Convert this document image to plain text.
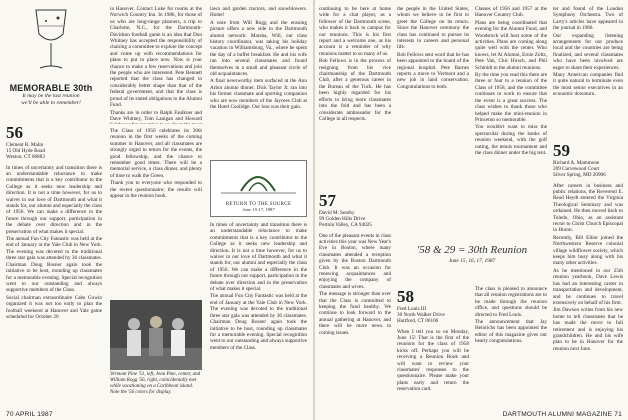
MEMORABLE 30th
It may be the last reunion
we'll be able to remember!

in Hanover. Contact Luke for rooms at the Norwich Country Inn. In 1986, for those of us who are long-range planners, a trip to Charlotte, N.C., for the Dartmouth-Davidson football game is an idea that Don Whitney has accepted the responsibility of chairing a committee to explore the concept and come up with recommendations for plans to put in place now. Now is your chance to make a few reservations and join the people who are interested. Pete Bennett reported that the class has changed in considerably better shape than that of the federal government, and that the class is proud of its stated obligations to the Alumni Fund.

Thanks are in order to Ralph Faulkner and Dave Whitney, Tom Lanigan and Howard

56
Clement R. Malin
15 Old Hyde Road
Weston, CT 06883

In times of uncertainty and transition there is an understandable reluctance to make commitments that is a key contributor to the College as it seeks new leadership and direction. It is not a time however, for us to waiver in our love of Dartmouth and what it stands for, our alumni and especially the class of 1956. We can make a difference in the future through our support, participation in the debate over direction and in the preservation of what makes it special.

The annual Fun City Fantastic was held at the end of January at the Yale Club in New York. The evening was devoted to the traditional three star gala was attended by 36 classmates. Chairman Doug Rosner again took the initiative to be host, rounding up classmates for a memorable evening. Special recognition went to our outstanding and always supportive members of the Class.

Social chairman extraordinaire Cabe Gowin organized it was not too early to plan the football weekend at Hanover and Yale game scheduled for October 20

The Class of 1956 celebrates its 30th reunion in the first weeks of the coming summer in Hanover, and all classmates are strongly urged to return for the events, the good fellowship, and the chance to remember good times. There will be a memorial service, a class dinner, and plenty of time to walk the Green.

Thank you to everyone who responded to the recent questionnaire; the results will appear in the reunion book.

lawn and garden tractors, and snowblowers. Home!

A note from Will Rogg and the ensuing picture offers a new side to the Dartmouth alumni network: Marsha, Will, our class history coordinator, was taking his holiday vacation in Williamsburg, Va., where he spent the day of a buffet breakfast. He and his wife ran into several classmates and found themselves in a small and pleasant circle of old acquaintances.

A final newsworthy item surfaced at the Ann Arbor alumni dinner. Dick Taylor Jr. ran into his former classmate and sporting companion who are now members of the Jaycees Club at the Hotel Coolidge. Our loss was their gain.

RETURN TO THE SOURCE
June 15-17, 1987
Vermont Pine '51, left, Jean Pine, center, and William Rogg '56, right, coincidentally met while vacationing on a Caribbean island. Note the '56 colors for display.

In times of uncertainty and transition there is an understandable reluctance to make commitments that is a key contributor to the College as it seeks new leadership and direction. It is not a time however, for us to waiver in our love of Dartmouth and what it stands for, our alumni and especially the class of 1956. We can make a difference in the future through our support, participation in the debate over direction and in the preservation of what makes it special.

The annual Fun City Fantastic was held at the end of January at the Yale Club in New York. The evening was devoted to the traditional three star gala was attended by 36 classmates. Chairman Doug Rosner again took the initiative to be host, rounding up classmates for a memorable evening. Special recognition went to our outstanding and always supportive members of the Class.

70 APRIL 1987

continuing to be here at home wide for a chat player, as a follower of the Dartmouth scene, who makes it back to campus for our reunions. This is his first report and a welcome one, as his account is a reminder of why reunions matter to so many of us.

Bob Fellows is in the process of resigning from his vice chairmanship of the Dartmouth Club, after a generous career in the Bureau of the Tuck. He has been highly regarded for his efforts to bring more classmates into the fold and has been a considerate ambassador for the College in all respects.

57
David M. Searby
99 Golden Hills Drive
Portola Valley, CA 94025

One of the pleasant events in class activities this year was New Year's Eve in Boston, where many classmates attended a reception given by the Boston Dartmouth Club. It was an occasion for renewing acquaintances and enjoying the company of classmates and wives.

The message is stronger than ever that the Class is committed to keeping the fund healthy. We continue to look forward to the annual gathering at Hanover, and there will be more news in coming issues.

the people in the United States, whom we believe to be first to greet the College on its return. Since the Hanover ceremony the class has continued to pursue its interests in careers and personal life.

Bob Fellows sent word that he has been appointed to the board of the regional hospital. Pete Barnes reports a move to Vermont and a new job in land conservation. Congratulations to both.

'58 & 29 = 30th Reunion
June 15, 16, 17, 1987
58
Fred Louis III
30 North Walker Drive
Hartford, CT 06106

When I tell you so on Monday, June 15! That is the first of the reunions for the class of 1958 kicks off. Perhaps you will be receiving a Reunion Book and will want to review your classmates' responses to the questionnaire. Please make your plans early and return the reservation card.

Classes of 1956 and 1957 at the Hanover Country Club.

Plans are being coordinated that evening for the Alumni Fund, and Woodstock will host some of the activities. Plans are coming along quite well with the center. Who knows, let Al Alumni, Ernie Zoltz, Pete Van, Chic Hirsch, and Phil Schmidt to the alumni reunions.

By the time you read this there are three or four to a reunion of the Class of 1958, and the committee continues to work to ensure that the event is a great success. The class wishes to thank those who helped make the mini-reunion in Princeton so memorable.

You wouldn't want to miss the spectacular during the banks of reunion weekend, with the golf outing, the tennis tournament and the class dinner under the big tent.

The class is pleased to announce that all reunion registrations are to be made through the reunion office, and questions should be directed to Fred Louis.

The announcement that Jay Heinrichs has been appointed the editor of this magazine gives our hearty congratulations.

ter and found of the Loudon Symphony Orchestra. Two of Larry's articles have appeared in the journal in 1986.

Our expanding listening arrangements for our produce local and the countries are being finalized, and several classmates who have been involved are eager to share their experiences.

Many American companies find it quite natural to terminate even the most senior executives in an economic downturn.

59
Richard A. Mammone
209 Curvewood Court
Silver Spring, MD 20906

After careers in business and public relations, the Reverend E. Read Heydt entered the Virginia Theological Seminary and was ordained. He then moved back to Toledo, Ohio, as an assistant rector to Christ Church Episcopal in Huron.

Recently, Bill Elliot joined the Northwestern Reserve colonial village wildflower society, which keeps him busy along with his many other activities.

As he mentioned in our 25th reunion yearbook, Dave Lewis has had an interesting career in transportation and development, and he continues to travel extensively on behalf of his firm.

Jim Dawson writes from his new home to tell classmates that he has made the move to full retirement and is enjoying his grandchildren. He and his wife plan to be in Hanover for the reunion next June.

DARTMOUTH ALUMNI MAGAZINE 71
